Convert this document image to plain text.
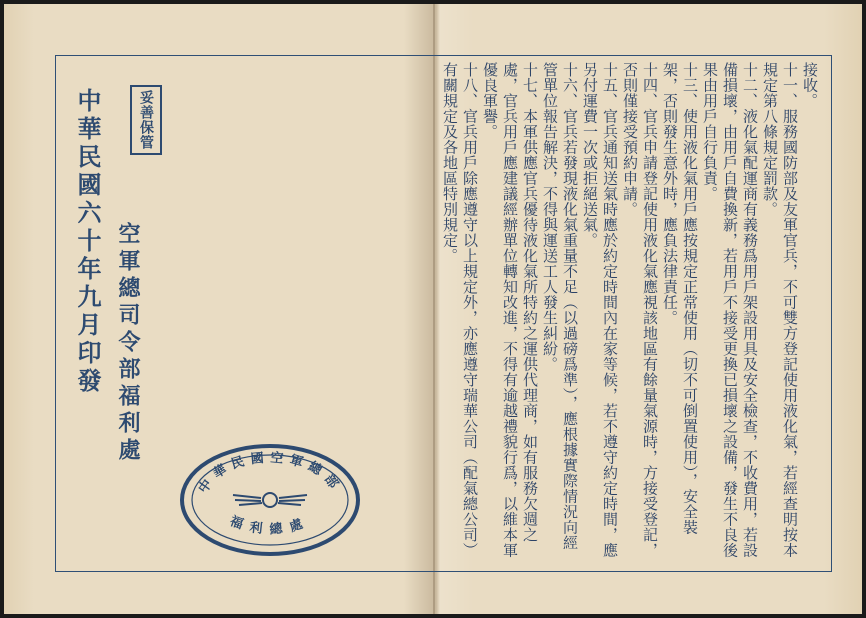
妥善保管
中華民國六十年九月印發 空軍總司令部福利處
中華民國空軍總部
福利總處

接收。

十一、服務國防部及友軍官兵，不可雙方登記使用液化氣，若經查明按本規定第八條規定罰款。

十二、液化氣配運商有義務爲用戶架設用具及安全檢查，不收費用，若設備損壞，由用戶自費換新，若用戶不接受更換已損壞之設備，發生不良後果由用戶自行負責。

十三、使用液化氣用戶應按規定正常使用（切不可倒置使用），安全裝架，否則發生意外時，應負法律責任。

十四、官兵申請登記使用液化氣應視該地區有餘量氣源時，方接受登記，否則僅接受預約申請。

十五、官兵通知送氣時應於約定時間內在家等候，若不遵守約定時間，應另付運費一次或拒絕送氣。

十六、官兵若發現液化氣重量不足（以過磅爲準），應根據實際情況向經管單位報告解決，不得與運送工人發生糾紛。

十七、本軍供應官兵優待液化氣所特約之運供代理商，如有服務欠週之處，官兵用戶應建議經辦單位轉知改進，不得有逾越禮貌行爲，以維本軍優良軍譽。

十八、官兵用戶除應遵守以上規定外，亦應遵守瑞華公司（配氣總公司）有關規定及各地區特別規定。
